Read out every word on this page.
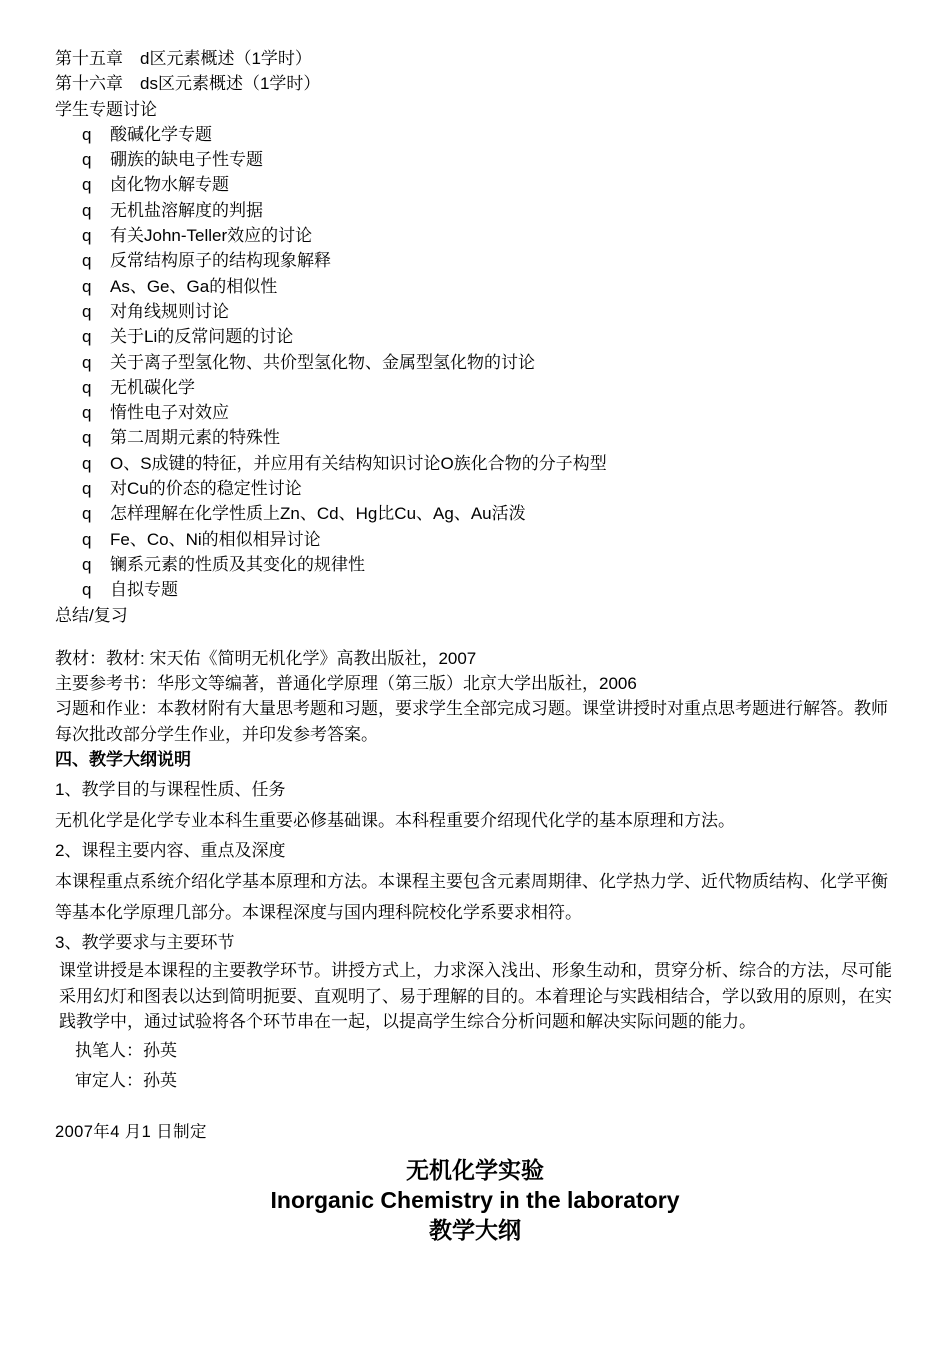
第十五章　d区元素概述（1学时）
第十六章　ds区元素概述（1学时）
学生专题讨论
q 酸碱化学专题
q 硼族的缺电子性专题
q 卤化物水解专题
q 无机盐溶解度的判据
q 有关John-Teller效应的讨论
q 反常结构原子的结构现象解释
q As、Ge、Ga的相似性
q 对角线规则讨论
q 关于Li的反常问题的讨论
q 关于离子型氢化物、共价型氢化物、金属型氢化物的讨论
q 无机碳化学
q 惰性电子对效应
q 第二周期元素的特殊性
q O、S成键的特征，并应用有关结构知识讨论O族化合物的分子构型
q 对Cu的价态的稳定性讨论
q 怎样理解在化学性质上Zn、Cd、Hg比Cu、Ag、Au活泼
q Fe、Co、Ni的相似相异讨论
q 镧系元素的性质及其变化的规律性
q 自拟专题
总结/复习
教材：教材: 宋天佑《简明无机化学》高教出版社，2007
主要参考书：华彤文等编著，普通化学原理（第三版）北京大学出版社，2006
习题和作业：本教材附有大量思考题和习题，要求学生全部完成习题。课堂讲授时对重点思考题进行解答。教师每次批改部分学生作业，并印发参考答案。
四、教学大纲说明
1、教学目的与课程性质、任务
无机化学是化学专业本科生重要必修基础课。本科程重要介绍现代化学的基本原理和方法。
2、课程主要内容、重点及深度
本课程重点系统介绍化学基本原理和方法。本课程主要包含元素周期律、化学热力学、近代物质结构、化学平衡等基本化学原理几部分。本课程深度与国内理科院校化学系要求相符。
3、教学要求与主要环节
课堂讲授是本课程的主要教学环节。讲授方式上，力求深入浅出、形象生动和，贯穿分析、综合的方法，尽可能采用幻灯和图表以达到简明扼要、直观明了、易于理解的目的。本着理论与实践相结合，学以致用的原则，在实践教学中，通过试验将各个环节串在一起，以提高学生综合分析问题和解决实际问题的能力。
执笔人：孙英
审定人：孙英
2007年4 月1 日制定
无机化学实验
Inorganic Chemistry in the laboratory
教学大纲
